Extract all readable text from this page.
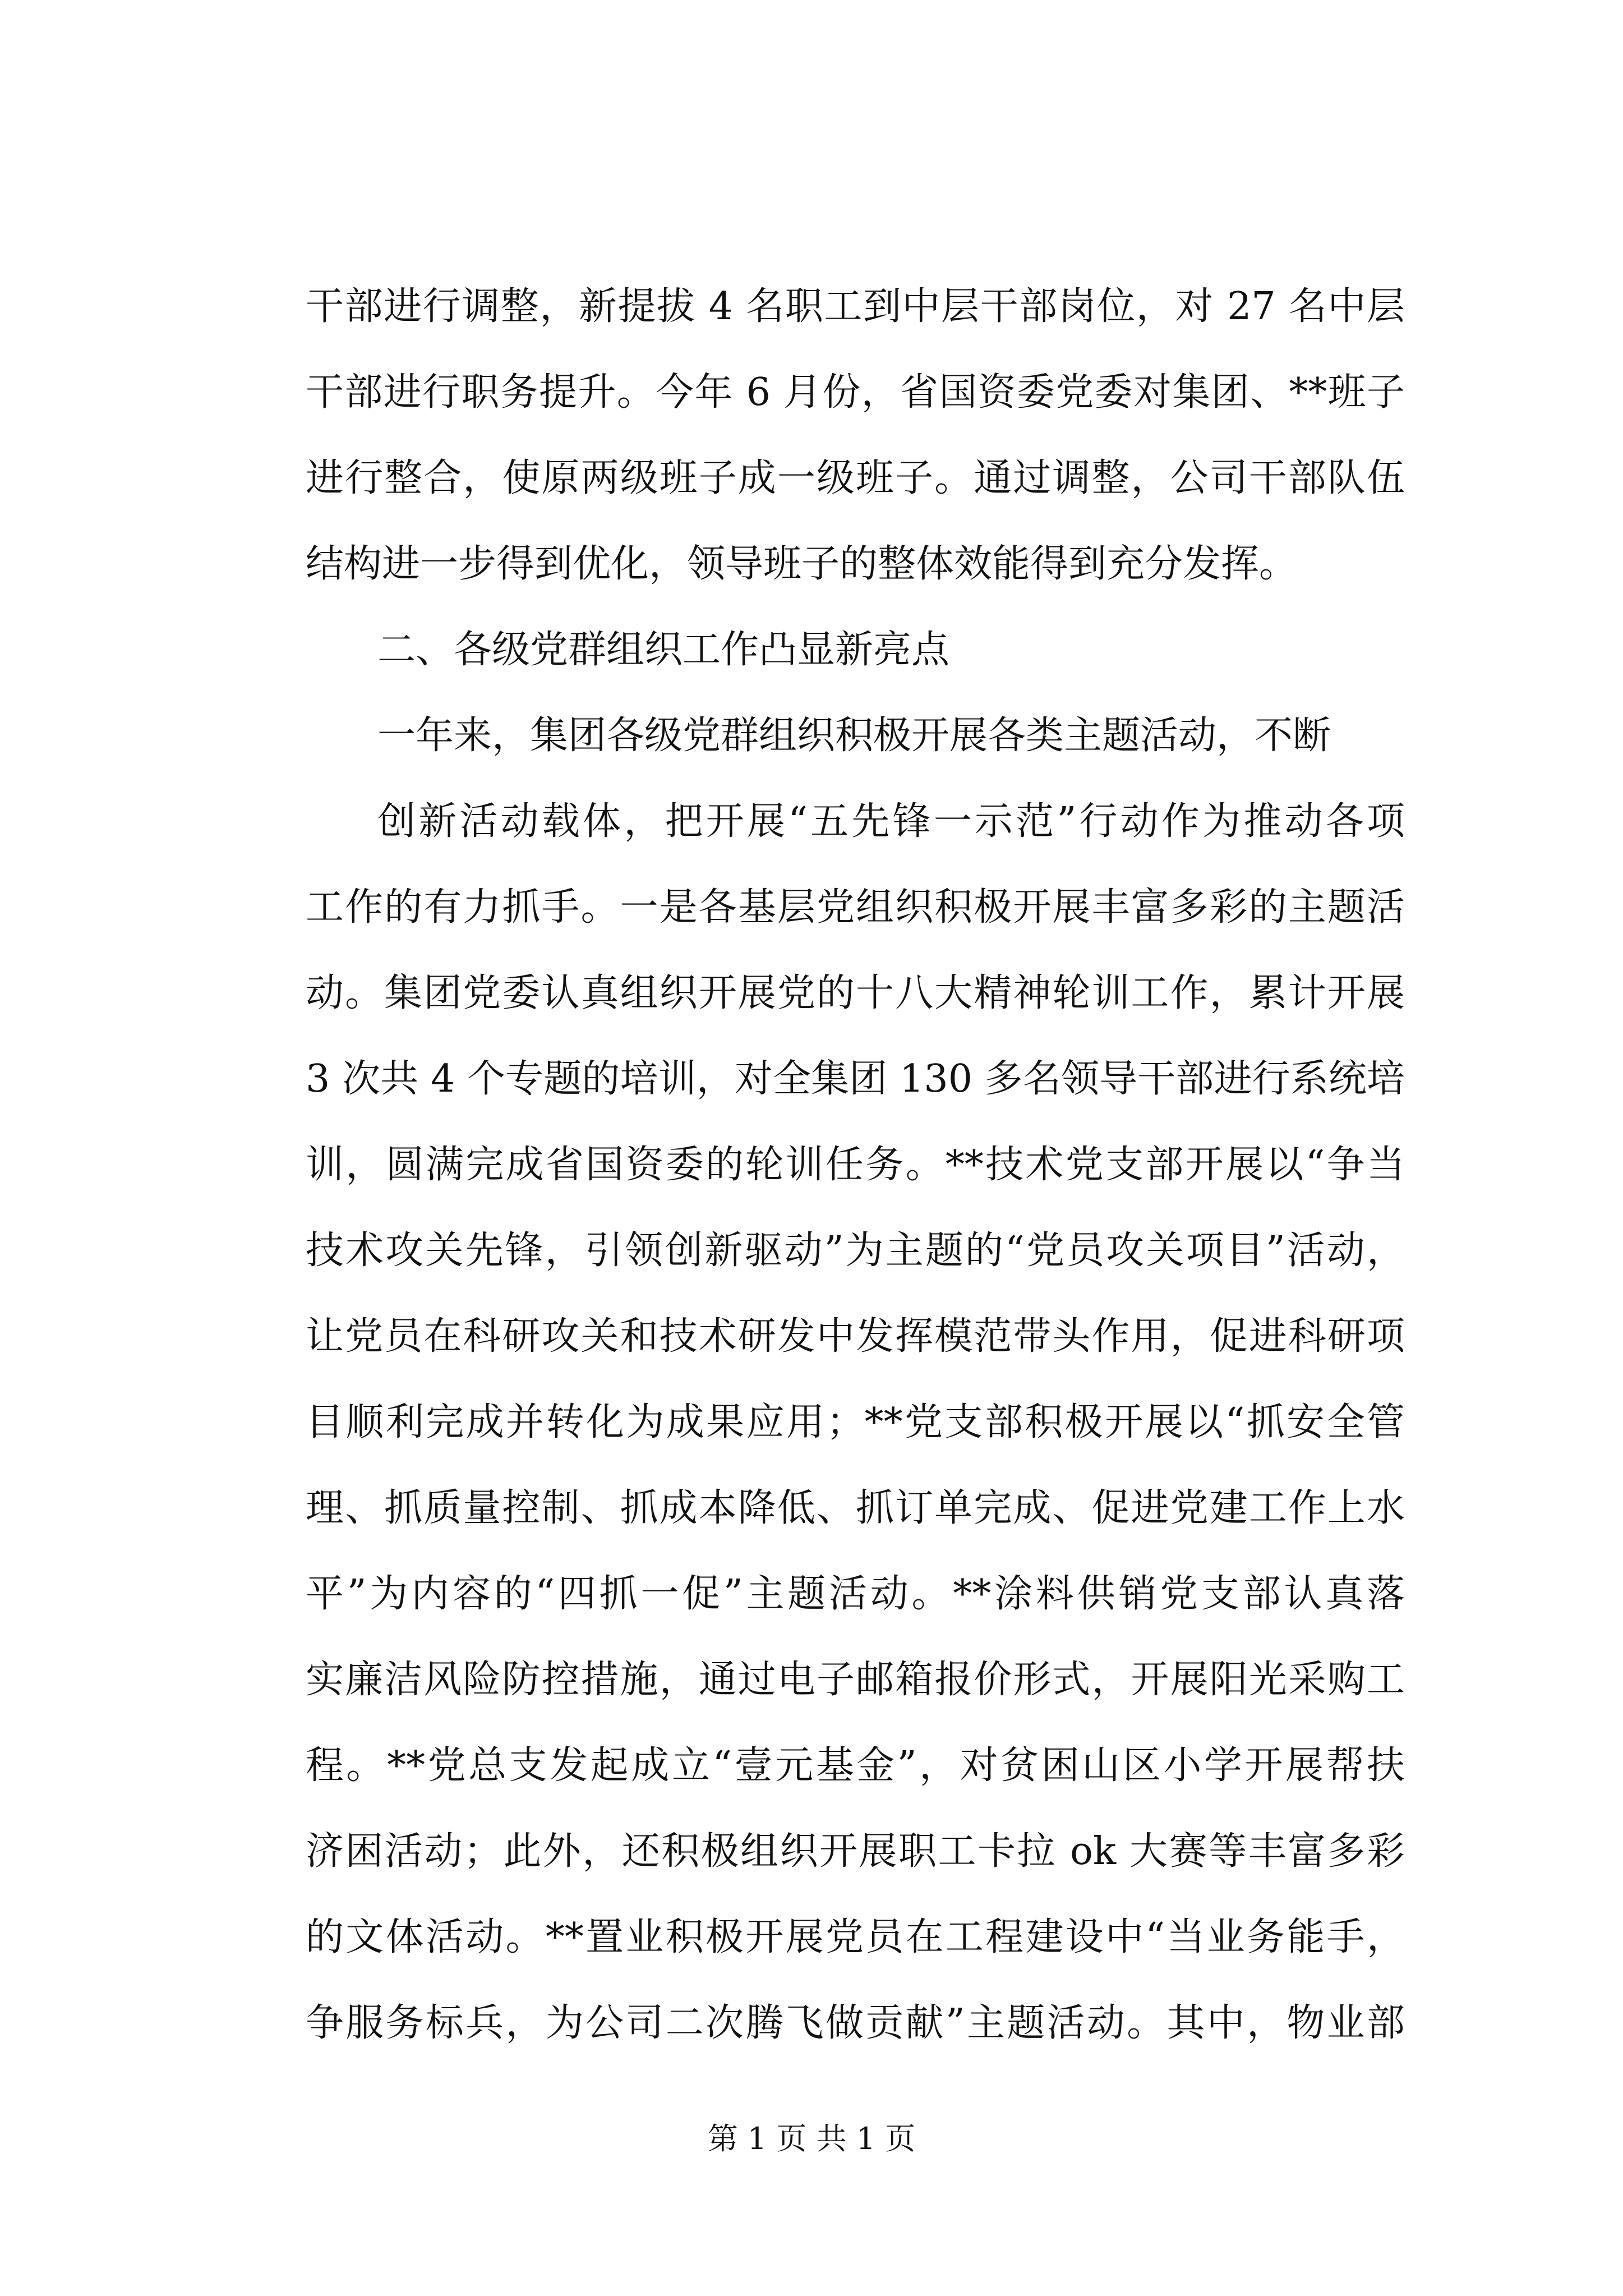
干部进行调整，新提拔 4 名职工到中层干部岗位，对 27 名中层
干部进行职务提升。今年 6 月份，省国资委党委对集团、**班子
进行整合，使原两级班子成一级班子。通过调整，公司干部队伍
结构进一步得到优化，领导班子的整体效能得到充分发挥。
二、各级党群组织工作凸显新亮点
一年来，集团各级党群组织积极开展各类主题活动，不断
创新活动载体，把开展“五先锋一示范”行动作为推动各项
工作的有力抓手。一是各基层党组织积极开展丰富多彩的主题活
动。集团党委认真组织开展党的十八大精神轮训工作，累计开展
3 次共 4 个专题的培训，对全集团 130 多名领导干部进行系统培
训，圆满完成省国资委的轮训任务。**技术党支部开展以“争当
技术攻关先锋，引领创新驱动”为主题的“党员攻关项目”活动，
让党员在科研攻关和技术研发中发挥模范带头作用，促进科研项
目顺利完成并转化为成果应用；**党支部积极开展以“抓安全管
理、抓质量控制、抓成本降低、抓订单完成、促进党建工作上水
平”为内容的“四抓一促”主题活动。**涂料供销党支部认真落
实廉洁风险防控措施，通过电子邮箱报价形式，开展阳光采购工
程。**党总支发起成立“壹元基金”，对贫困山区小学开展帮扶
济困活动；此外，还积极组织开展职工卡拉 ok 大赛等丰富多彩
的文体活动。**置业积极开展党员在工程建设中“当业务能手，
争服务标兵，为公司二次腾飞做贡献”主题活动。其中，物业部
第 1 页 共 1 页
